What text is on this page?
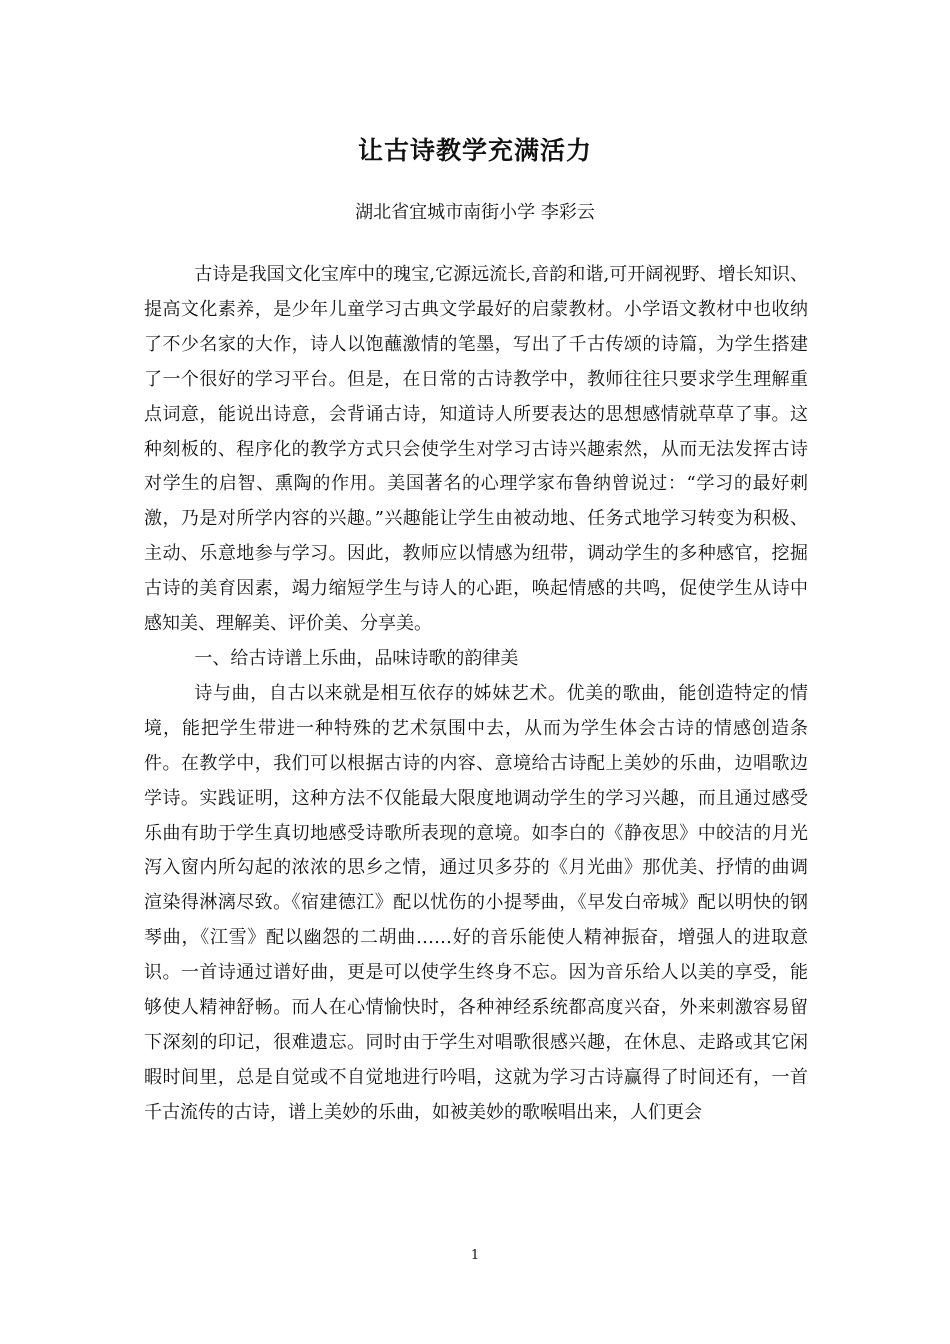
让古诗教学充满活力

湖北省宜城市南街小学 李彩云

古诗是我国文化宝库中的瑰宝,它源远流长,音韵和谐,可开阔视野、增长知识、提高文化素养，是少年儿童学习古典文学最好的启蒙教材。小学语文教材中也收纳了不少名家的大作，诗人以饱蘸激情的笔墨，写出了千古传颂的诗篇，为学生搭建了一个很好的学习平台。但是，在日常的古诗教学中，教师往往只要求学生理解重点词意，能说出诗意，会背诵古诗，知道诗人所要表达的思想感情就草草了事。这种刻板的、程序化的教学方式只会使学生对学习古诗兴趣索然，从而无法发挥古诗对学生的启智、熏陶的作用。美国著名的心理学家布鲁纳曾说过：“学习的最好刺激，乃是对所学内容的兴趣。”兴趣能让学生由被动地、任务式地学习转变为积极、主动、乐意地参与学习。因此，教师应以情感为纽带，调动学生的多种感官，挖掘古诗的美育因素，竭力缩短学生与诗人的心距，唤起情感的共鸣，促使学生从诗中感知美、理解美、评价美、分享美。

一、给古诗谱上乐曲，品味诗歌的韵律美

诗与曲，自古以来就是相互依存的姊妹艺术。优美的歌曲，能创造特定的情境，能把学生带进一种特殊的艺术氛围中去，从而为学生体会古诗的情感创造条件。在教学中，我们可以根据古诗的内容、意境给古诗配上美妙的乐曲，边唱歌边学诗。实践证明，这种方法不仅能最大限度地调动学生的学习兴趣，而且通过感受乐曲有助于学生真切地感受诗歌所表现的意境。如李白的《静夜思》中皎洁的月光泻入窗内所勾起的浓浓的思乡之情，通过贝多芬的《月光曲》那优美、抒情的曲调渲染得淋漓尽致。《宿建德江》配以忧伤的小提琴曲，《早发白帝城》配以明快的钢琴曲，《江雪》配以幽怨的二胡曲……好的音乐能使人精神振奋，增强人的进取意识。一首诗通过谱好曲，更是可以使学生终身不忘。因为音乐给人以美的享受，能够使人精神舒畅。而人在心情愉快时，各种神经系统都高度兴奋，外来刺激容易留下深刻的印记，很难遗忘。同时由于学生对唱歌很感兴趣，在休息、走路或其它闲暇时间里，总是自觉或不自觉地进行吟唱，这就为学习古诗赢得了时间还有，一首千古流传的古诗，谱上美妙的乐曲，如被美妙的歌喉唱出来，人们更会

1
